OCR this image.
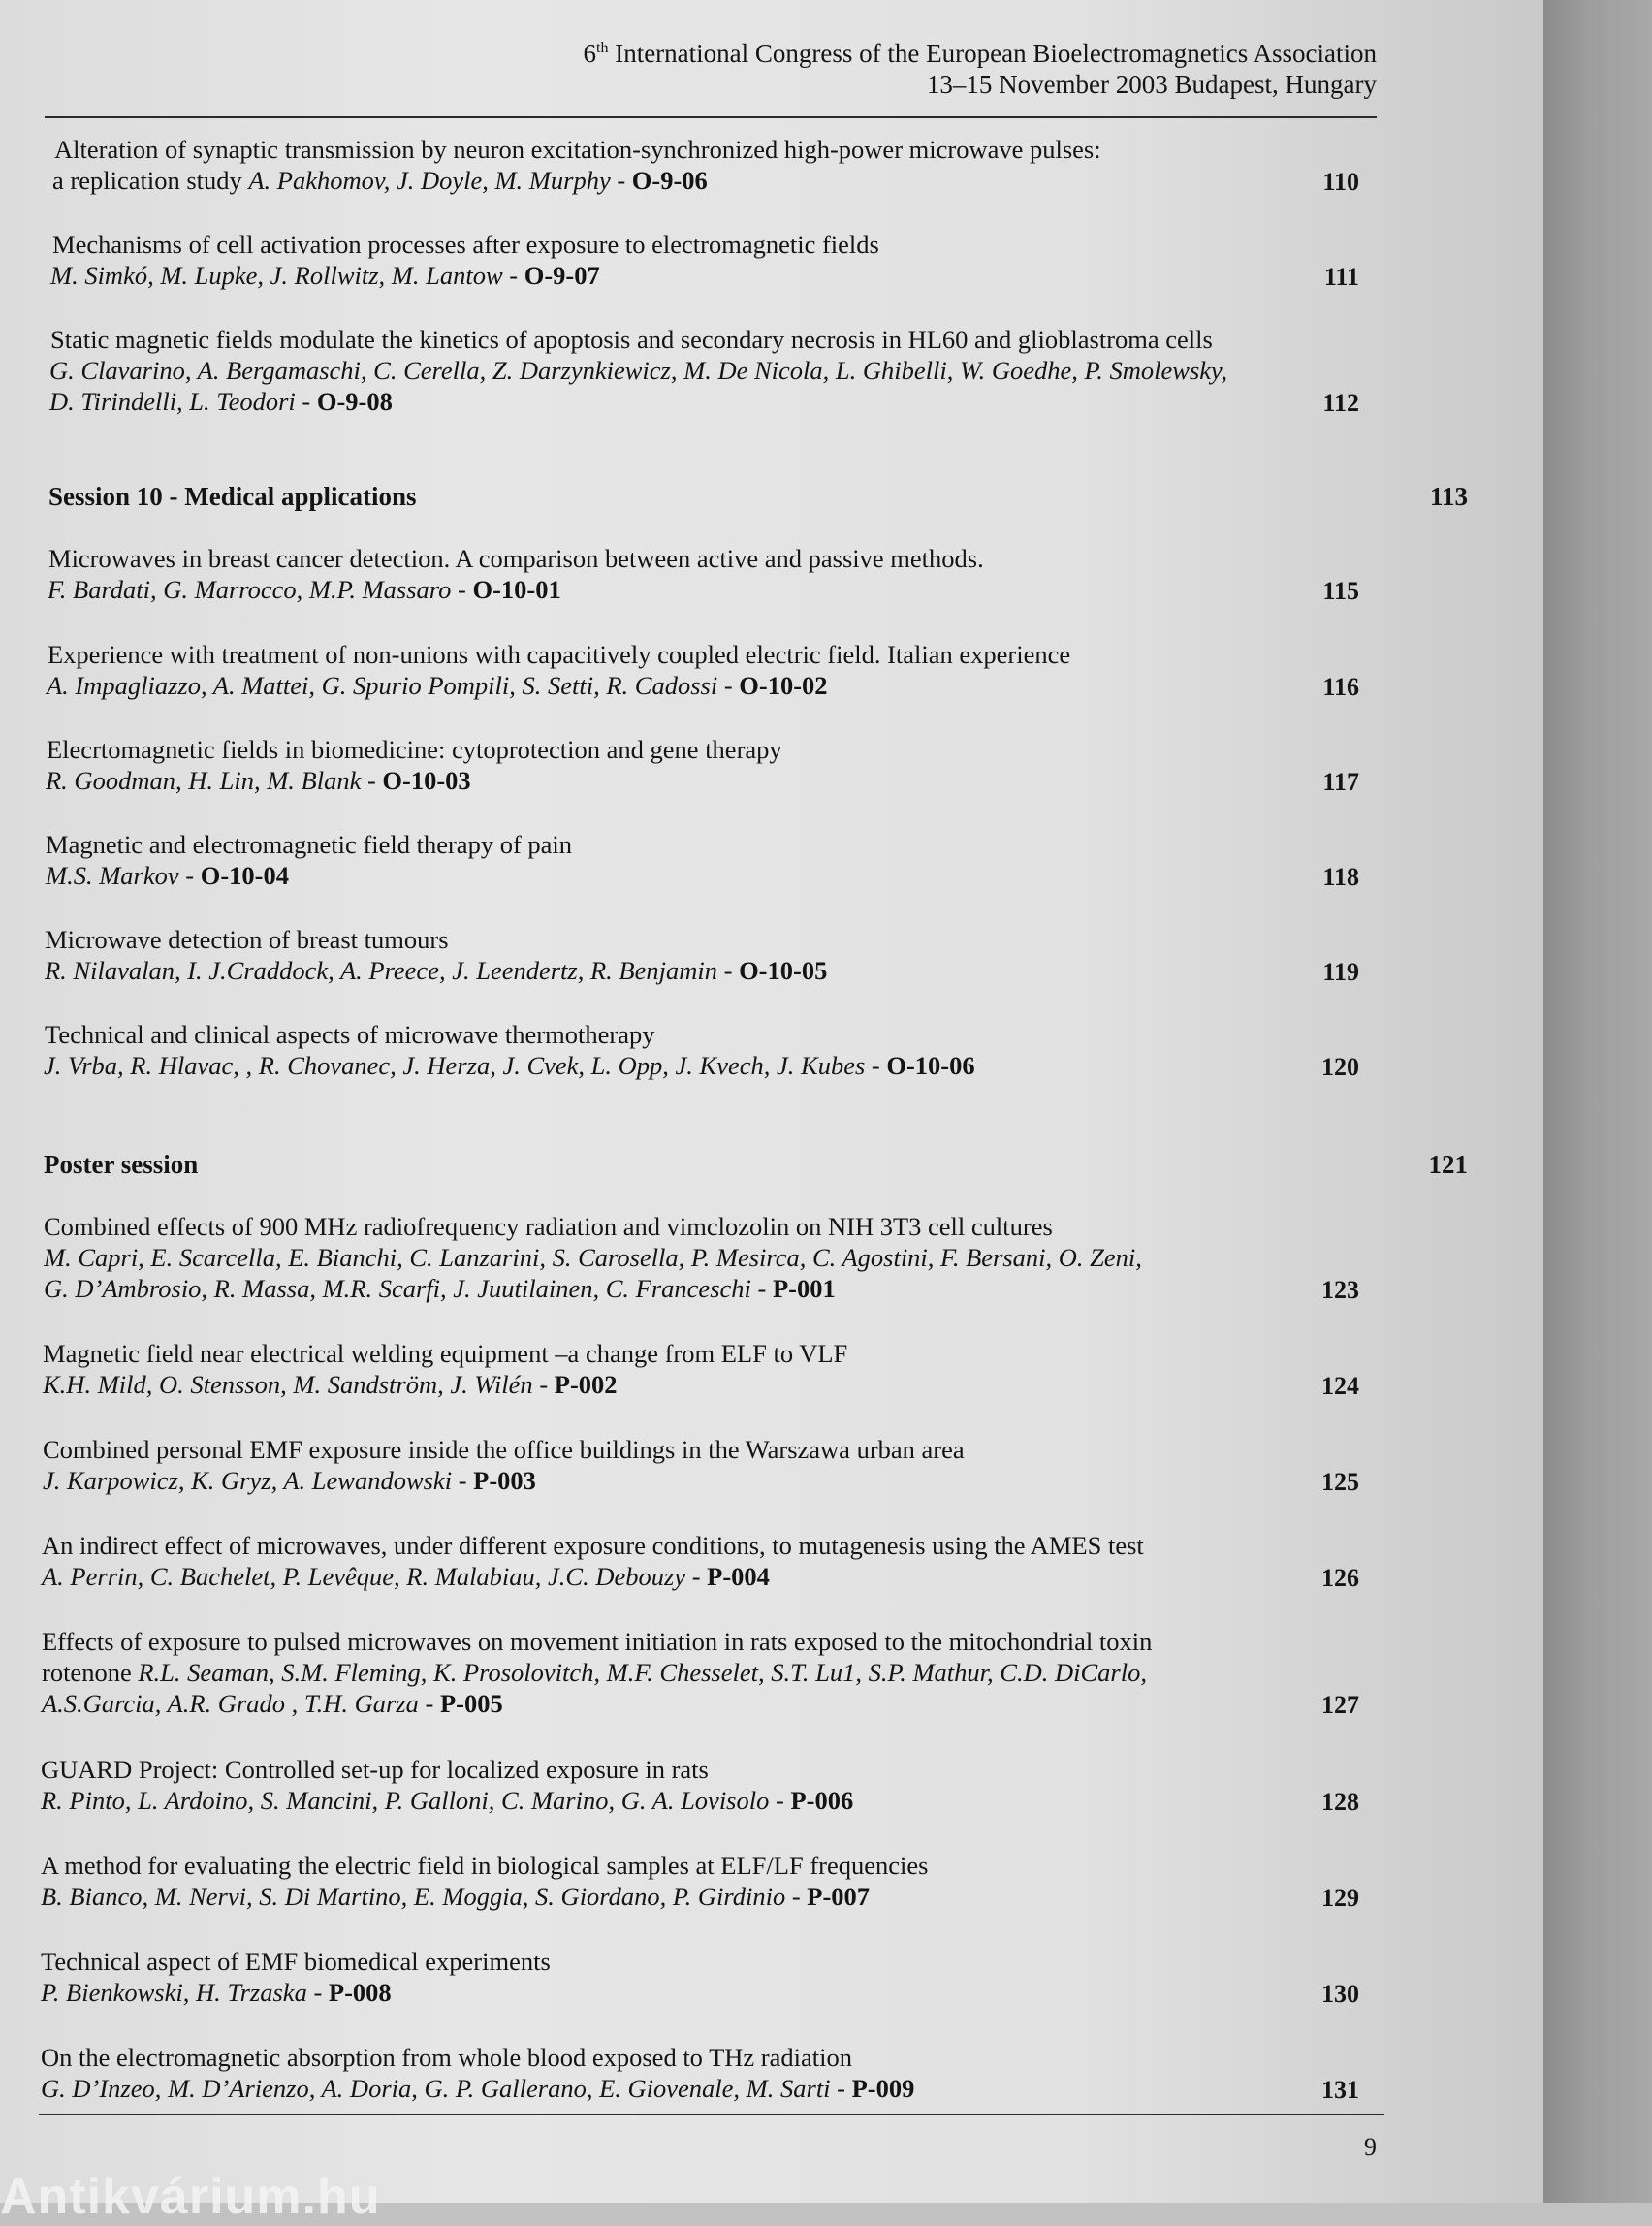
6th International Congress of the European Bioelectromagnetics Association
13–15 November 2003 Budapest, Hungary
Alteration of synaptic transmission by neuron excitation-synchronized high-power microwave pulses:
a replication study A. Pakhomov, J. Doyle, M. Murphy - O-9-06	110
Mechanisms of cell activation processes after exposure to electromagnetic fields
M. Simkó, M. Lupke, J. Rollwitz, M. Lantow - O-9-07	111
Static magnetic fields modulate the kinetics of apoptosis and secondary necrosis in HL60 and glioblastroma cells
G. Clavarino, A. Bergamaschi, C. Cerella, Z. Darzynkiewicz, M. De Nicola, L. Ghibelli, W. Goedhe, P. Smolewsky,
D. Tirindelli, L. Teodori - O-9-08	112
Session 10 - Medical applications	113
Microwaves in breast cancer detection. A comparison between active and passive methods.
F. Bardati, G. Marrocco, M.P. Massaro - O-10-01	115
Experience with treatment of non-unions with capacitively coupled electric field. Italian experience
A. Impagliazzo, A. Mattei, G. Spurio Pompili, S. Setti, R. Cadossi - O-10-02	116
Elecrtomagnetic fields in biomedicine: cytoprotection and gene therapy
R. Goodman, H. Lin, M. Blank - O-10-03	117
Magnetic and electromagnetic field therapy of pain
M.S. Markov - O-10-04	118
Microwave detection of breast tumours
R. Nilavalan, I. J.Craddock, A. Preece, J. Leendertz, R. Benjamin - O-10-05	119
Technical and clinical aspects of microwave thermotherapy
J. Vrba, R. Hlavac, , R. Chovanec, J. Herza, J. Cvek, L. Opp, J. Kvech, J. Kubes - O-10-06	120
Poster session	121
Combined effects of 900 MHz radiofrequency radiation and vimclozolin on NIH 3T3 cell cultures
M. Capri, E. Scarcella, E. Bianchi, C. Lanzarini, S. Carosella, P. Mesirca, C. Agostini, F. Bersani, O. Zeni,
G. D’Ambrosio, R. Massa, M.R. Scarfi, J. Juutilainen, C. Franceschi - P-001	123
Magnetic field near electrical welding equipment –a change from ELF to VLF
K.H. Mild, O. Stensson, M. Sandström, J. Wilén - P-002	124
Combined personal EMF exposure inside the office buildings in the Warszawa urban area
J. Karpowicz, K. Gryz, A. Lewandowski - P-003	125
An indirect effect of microwaves, under different exposure conditions, to mutagenesis using the AMES test
A. Perrin, C. Bachelet, P. Levêque, R. Malabiau, J.C. Debouzy - P-004	126
Effects of exposure to pulsed microwaves on movement initiation in rats exposed to the mitochondrial toxin
rotenone R.L. Seaman, S.M. Fleming, K. Prosolovitch, M.F. Chesselet, S.T. Lu1, S.P. Mathur, C.D. DiCarlo,
A.S.Garcia, A.R. Grado , T.H. Garza - P-005	127
GUARD Project: Controlled set-up for localized exposure in rats
R. Pinto, L. Ardoino, S. Mancini, P. Galloni, C. Marino, G. A. Lovisolo - P-006	128
A method for evaluating the electric field in biological samples at ELF/LF frequencies
B. Bianco, M. Nervi, S. Di Martino, E. Moggia, S. Giordano, P. Girdinio - P-007	129
Technical aspect of EMF biomedical experiments
P. Bienkowski, H. Trzaska - P-008	130
On the electromagnetic absorption from whole blood exposed to THz radiation
G. D’Inzeo, M. D’Arienzo, A. Doria, G. P. Gallerano, E. Giovenale, M. Sarti - P-009	131
9
Antikvárium.hu
